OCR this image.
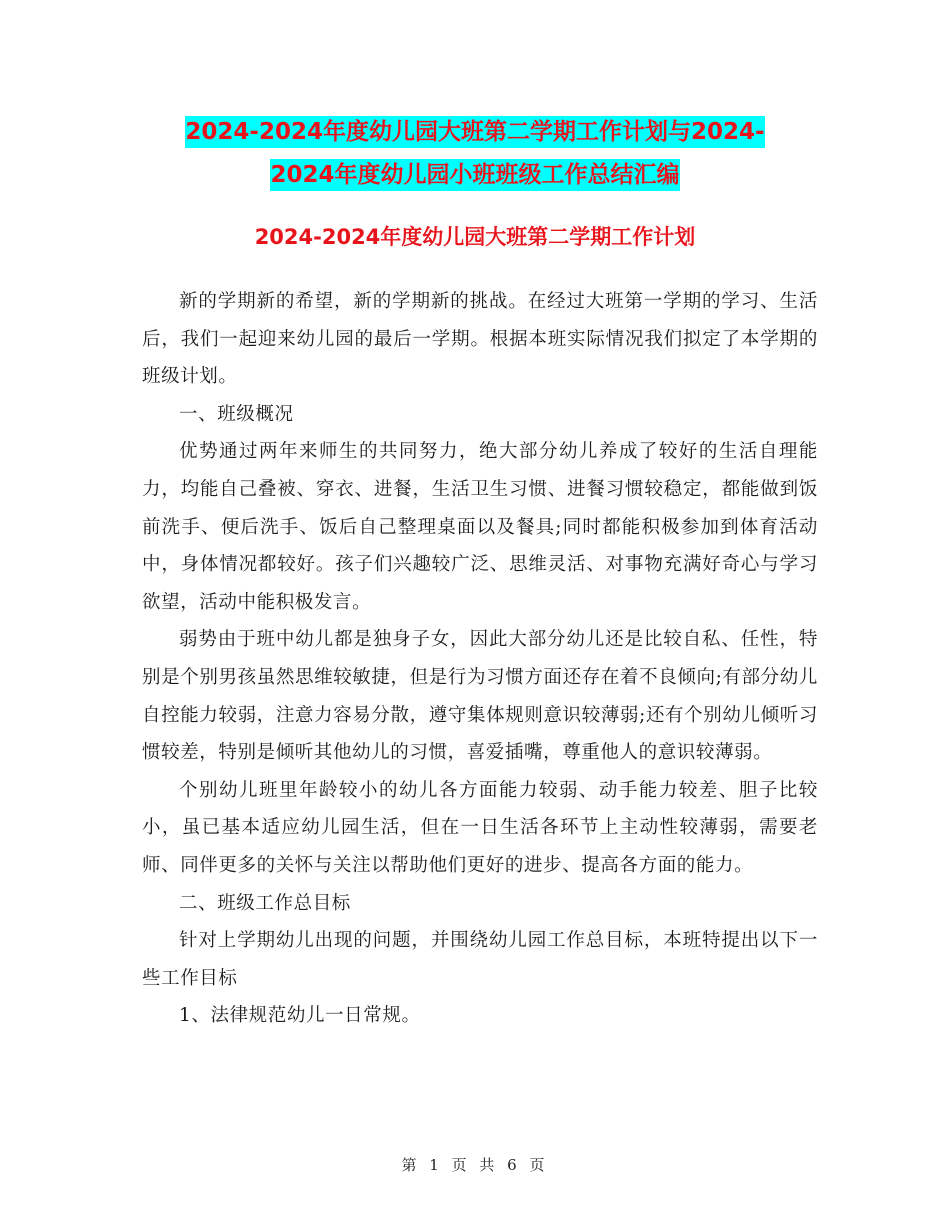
2024-2024年度幼儿园大班第二学期工作计划与2024-
2024年度幼儿园小班班级工作总结汇编
2024-2024年度幼儿园大班第二学期工作计划

新的学期新的希望，新的学期新的挑战。在经过大班第一学期的学习、生活后，我们一起迎来幼儿园的最后一学期。根据本班实际情况我们拟定了本学期的班级计划。

一、班级概况

优势通过两年来师生的共同努力，绝大部分幼儿养成了较好的生活自理能力，均能自己叠被、穿衣、进餐，生活卫生习惯、进餐习惯较稳定，都能做到饭前洗手、便后洗手、饭后自己整理桌面以及餐具;同时都能积极参加到体育活动中，身体情况都较好。孩子们兴趣较广泛、思维灵活、对事物充满好奇心与学习欲望，活动中能积极发言。

弱势由于班中幼儿都是独身子女，因此大部分幼儿还是比较自私、任性，特别是个别男孩虽然思维较敏捷，但是行为习惯方面还存在着不良倾向;有部分幼儿自控能力较弱，注意力容易分散，遵守集体规则意识较薄弱;还有个别幼儿倾听习惯较差，特别是倾听其他幼儿的习惯，喜爱插嘴，尊重他人的意识较薄弱。

个别幼儿班里年龄较小的幼儿各方面能力较弱、动手能力较差、胆子比较小，虽已基本适应幼儿园生活，但在一日生活各环节上主动性较薄弱，需要老师、同伴更多的关怀与关注以帮助他们更好的进步、提高各方面的能力。

二、班级工作总目标

针对上学期幼儿出现的问题，并围绕幼儿园工作总目标，本班特提出以下一些工作目标

1、法律规范幼儿一日常规。

第 1 页 共 6 页
